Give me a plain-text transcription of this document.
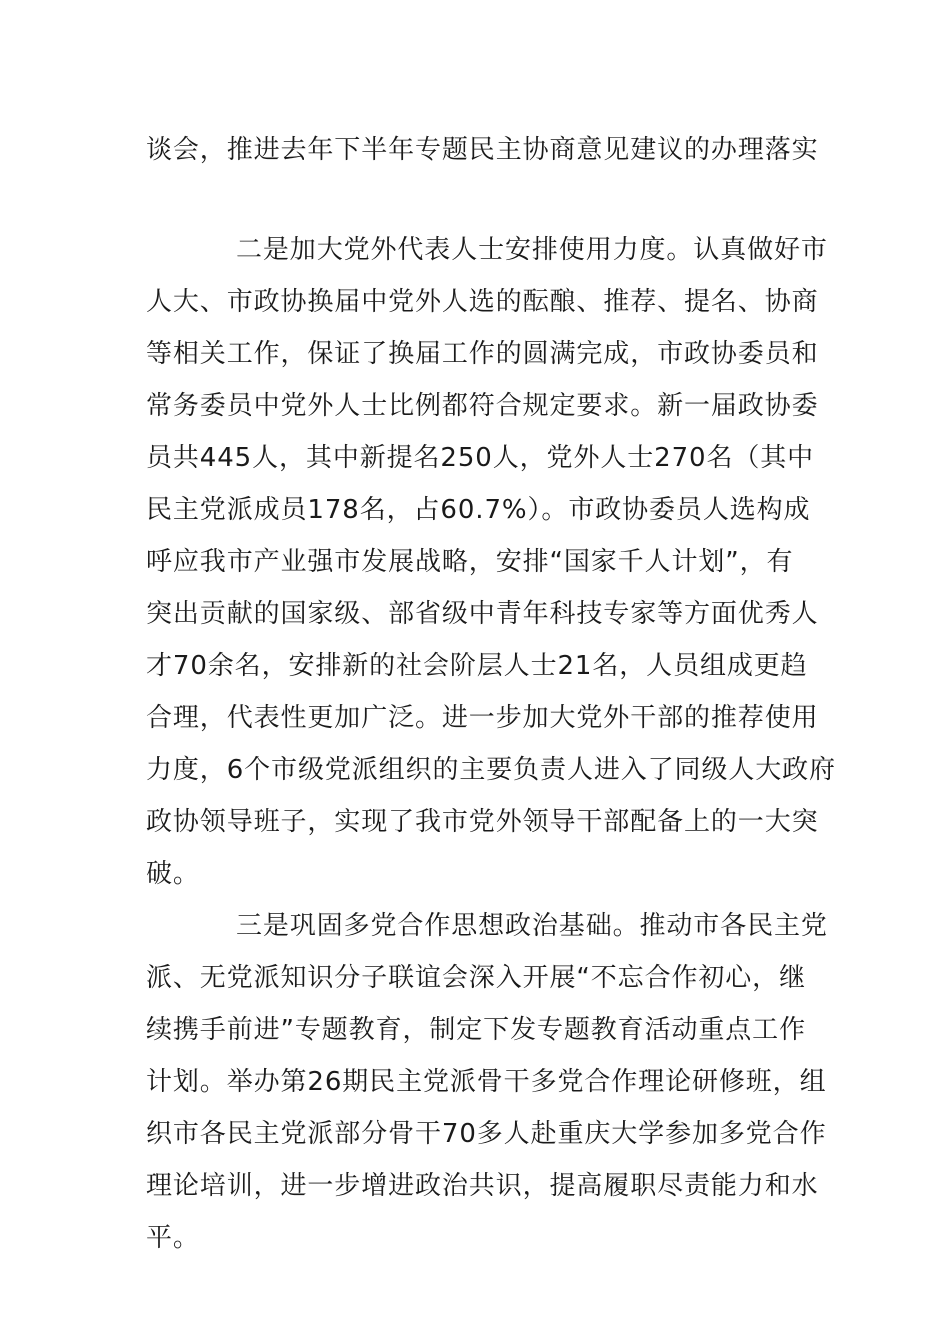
谈会，推进去年下半年专题民主协商意见建议的办理落实

二是加大党外代表人士安排使用力度。认真做好市

人大、市政协换届中党外人选的酝酿、推荐、提名、协商

等相关工作，保证了换届工作的圆满完成，市政协委员和

常务委员中党外人士比例都符合规定要求。新一届政协委

员共445人，其中新提名250人，党外人士270名（其中

民主党派成员178名，占60.7%）。市政协委员人选构成

呼应我市产业强市发展战略，安排“国家千人计划”，有

突出贡献的国家级、部省级中青年科技专家等方面优秀人

才70余名，安排新的社会阶层人士21名，人员组成更趋

合理，代表性更加广泛。进一步加大党外干部的推荐使用

力度，6个市级党派组织的主要负责人进入了同级人大政府

政协领导班子，实现了我市党外领导干部配备上的一大突

破。

三是巩固多党合作思想政治基础。推动市各民主党

派、无党派知识分子联谊会深入开展“不忘合作初心，继

续携手前进”专题教育，制定下发专题教育活动重点工作

计划。举办第26期民主党派骨干多党合作理论研修班，组

织市各民主党派部分骨干70多人赴重庆大学参加多党合作

理论培训，进一步增进政治共识，提高履职尽责能力和水

平。
